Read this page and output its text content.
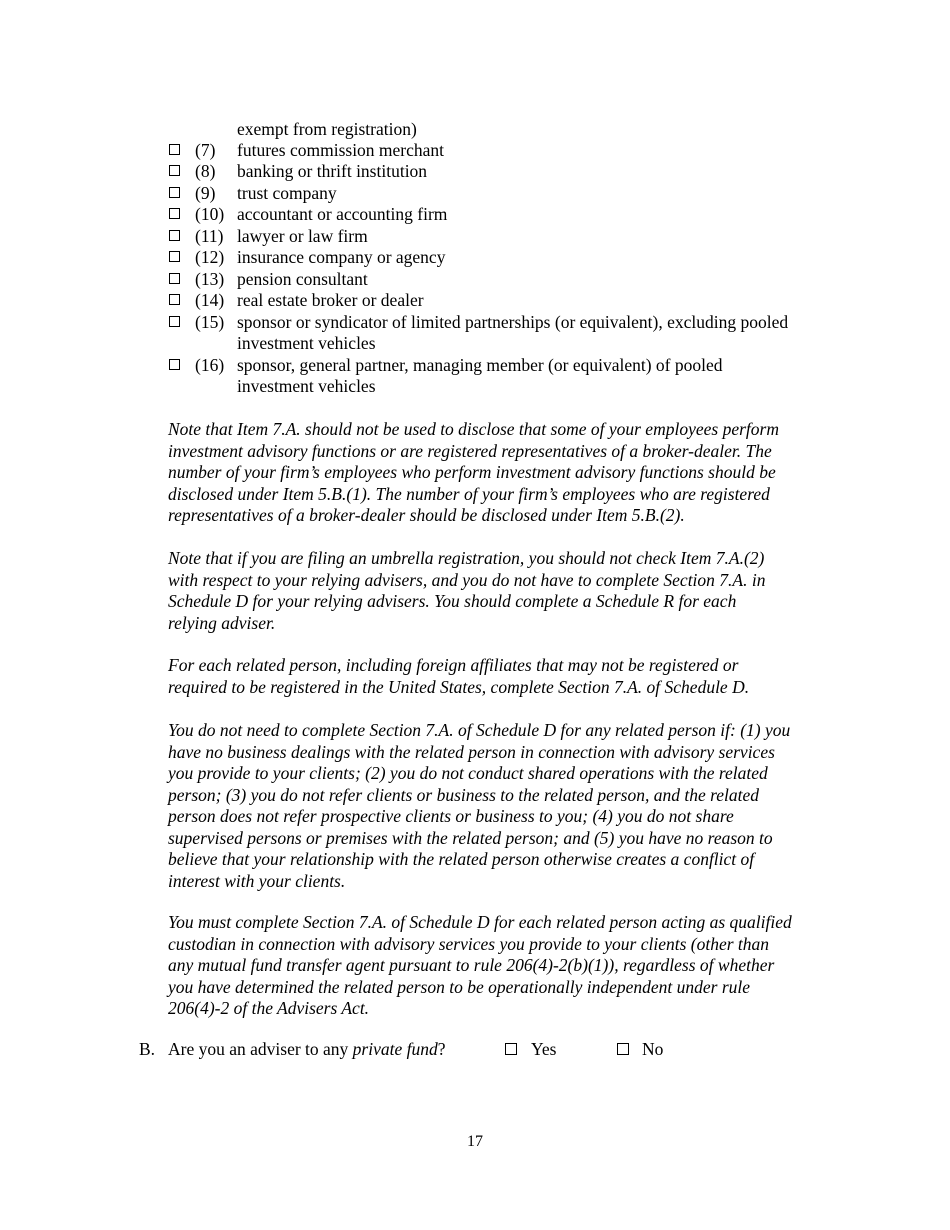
exempt from registration)
(7) futures commission merchant
(8) banking or thrift institution
(9) trust company
(10) accountant or accounting firm
(11) lawyer or law firm
(12) insurance company or agency
(13) pension consultant
(14) real estate broker or dealer
(15) sponsor or syndicator of limited partnerships (or equivalent), excluding pooled
investment vehicles
(16) sponsor, general partner, managing member (or equivalent) of pooled
investment vehicles

Note that Item 7.A. should not be used to disclose that some of your employees perform

investment advisory functions or are registered representatives of a broker-dealer. The

number of your firm’s employees who perform investment advisory functions should be

disclosed under Item 5.B.(1). The number of your firm’s employees who are registered

representatives of a broker-dealer should be disclosed under Item 5.B.(2).

Note that if you are filing an umbrella registration, you should not check Item 7.A.(2)

with respect to your relying advisers, and you do not have to complete Section 7.A. in

Schedule D for your relying advisers. You should complete a Schedule R for each

relying adviser.

For each related person, including foreign affiliates that may not be registered or

required to be registered in the United States, complete Section 7.A. of Schedule D.

You do not need to complete Section 7.A. of Schedule D for any related person if: (1) you

have no business dealings with the related person in connection with advisory services

you provide to your clients; (2) you do not conduct shared operations with the related

person; (3) you do not refer clients or business to the related person, and the related

person does not refer prospective clients or business to you; (4) you do not share

supervised persons or premises with the related person; and (5) you have no reason to

believe that your relationship with the related person otherwise creates a conflict of

interest with your clients.

You must complete Section 7.A. of Schedule D for each related person acting as qualified

custodian in connection with advisory services you provide to your clients (other than

any mutual fund transfer agent pursuant to rule 206(4)-2(b)(1)), regardless of whether

you have determined the related person to be operationally independent under rule

206(4)-2 of the Advisers Act.

B. Are you an adviser to any private fund?	Yes	No
17
